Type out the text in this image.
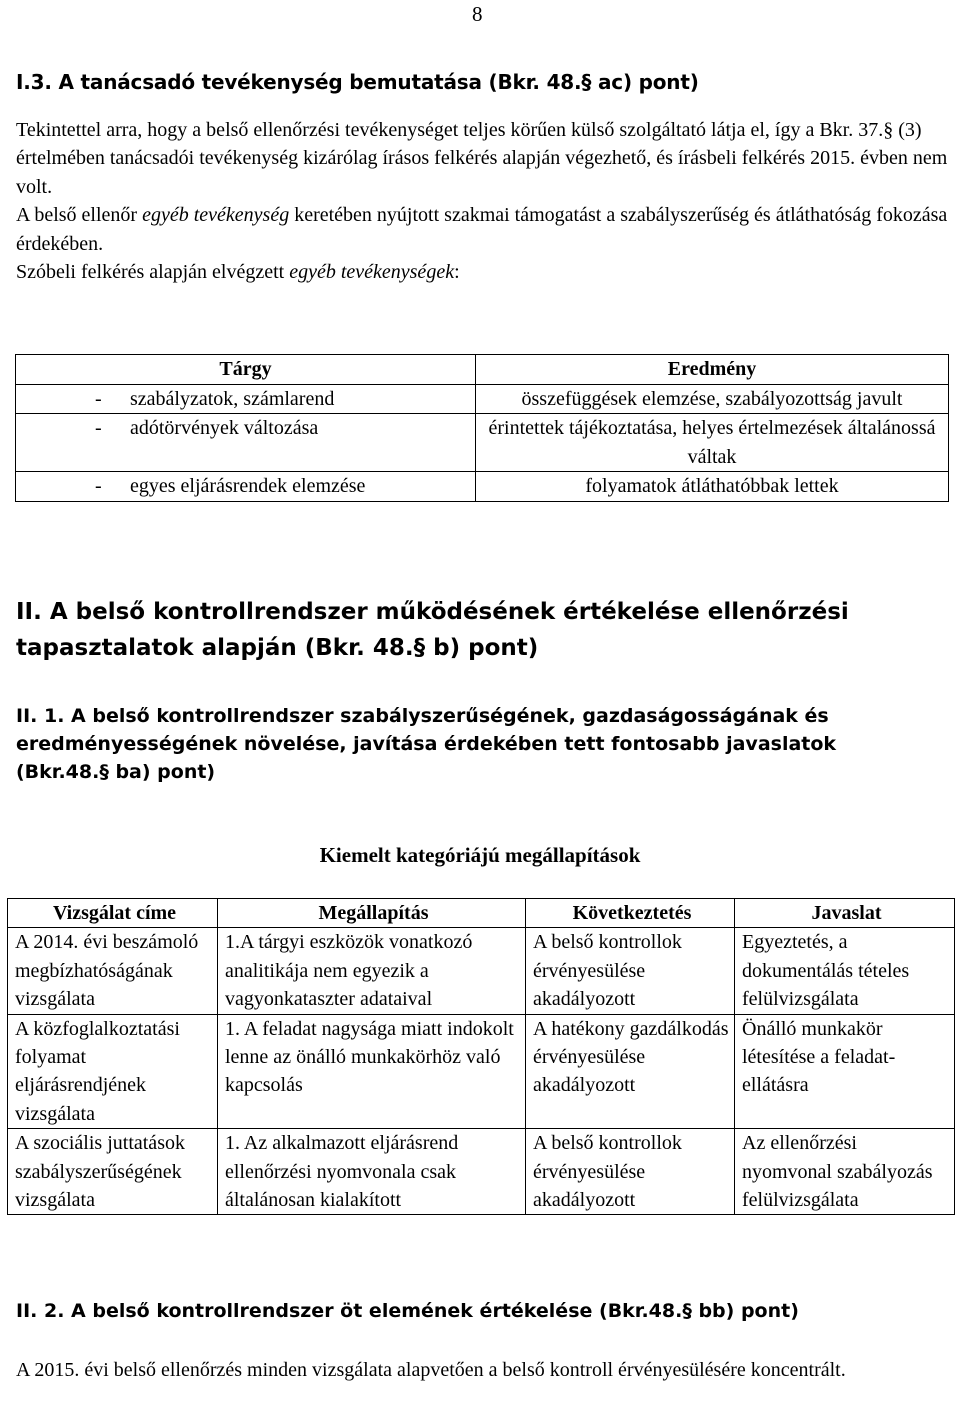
8
I.3. A tanácsadó tevékenység bemutatása (Bkr. 48.§ ac) pont)
Tekintettel arra, hogy a belső ellenőrzési tevékenységet teljes körűen külső szolgáltató látja el, így a Bkr. 37.§ (3) értelmében tanácsadói tevékenység kizárólag írásos felkérés alapján végezhető, és írásbeli felkérés 2015. évben nem volt.
A belső ellenőr egyéb tevékenység keretében nyújtott szakmai támogatást a szabályszerűség és átláthatóság fokozása érdekében.
Szóbeli felkérés alapján elvégzett egyéb tevékenységek:
Tárgy	Eredmény
- szabályzatok, számlarend	összefüggések elemzése, szabályozottság javult
- adótörvények változása	érintettek tájékoztatása, helyes értelmezések általánossá váltak
- egyes eljárásrendek elemzése	folyamatok átláthatóbbak lettek
II. A belső kontrollrendszer működésének értékelése ellenőrzési tapasztalatok alapján (Bkr. 48.§ b) pont)
II. 1. A belső kontrollrendszer szabályszerűségének, gazdaságosságának és eredményességének növelése, javítása érdekében tett fontosabb javaslatok (Bkr.48.§ ba) pont)
Kiemelt kategóriájú megállapítások
Vizsgálat címe	Megállapítás	Következtetés	Javaslat
A 2014. évi beszámoló megbízhatóságának vizsgálata	1.A tárgyi eszközök vonatkozó analitikája nem egyezik a vagyonkataszter adataival	A belső kontrollok érvényesülése akadályozott	Egyeztetés, a dokumentálás tételes felülvizsgálata
A közfoglalkoztatási folyamat eljárásrendjének vizsgálata	1. A feladat nagysága miatt indokolt lenne az önálló munkakörhöz való kapcsolás	A hatékony gazdálkodás érvényesülése akadályozott	Önálló munkakör létesítése a feladat-ellátásra
A szociális juttatások szabályszerűségének vizsgálata	1. Az alkalmazott eljárásrend ellenőrzési nyomvonala csak általánosan kialakított	A belső kontrollok érvényesülése akadályozott	Az ellenőrzési nyomvonal szabályozás felülvizsgálata
II. 2. A belső kontrollrendszer öt elemének értékelése (Bkr.48.§ bb) pont)
A 2015. évi belső ellenőrzés minden vizsgálata alapvetően a belső kontroll érvényesülésére koncentrált.
